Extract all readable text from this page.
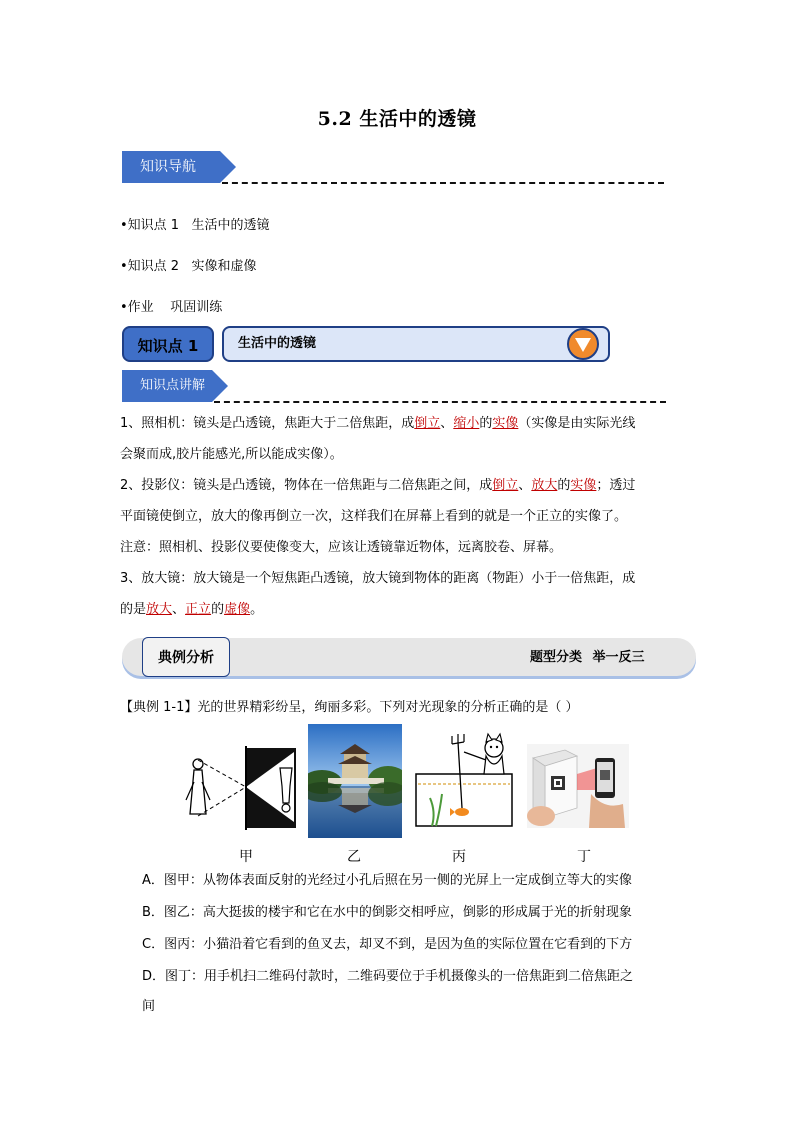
5.2 生活中的透镜
知识导航
•知识点 1 生活中的透镜
•知识点 2 实像和虚像
•作业 巩固训练
知识点 1	生活中的透镜
知识点讲解
1、照相机：镜头是凸透镜，焦距大于二倍焦距，成倒立、缩小的实像（实像是由实际光线
会聚而成,胶片能感光,所以能成实像）。
2、投影仪：镜头是凸透镜，物体在一倍焦距与二倍焦距之间，成倒立、放大的实像；透过
平面镜使倒立，放大的像再倒立一次，这样我们在屏幕上看到的就是一个正立的实像了。
注意：照相机、投影仪要使像变大，应该让透镜靠近物体，远离胶卷、屏幕。
3、放大镜：放大镜是一个短焦距凸透镜，放大镜到物体的距离（物距）小于一倍焦距，成
的是放大、正立的虚像。
典例分析	题型分类 举一反三
【典例 1-1】光的世界精彩纷呈，绚丽多彩。下列对光现象的分析正确的是（ ）
甲	乙	丙	丁
A．图甲：从物体表面反射的光经过小孔后照在另一侧的光屏上一定成倒立等大的实像
B．图乙：高大挺拔的楼宇和它在水中的倒影交相呼应，倒影的形成属于光的折射现象
C．图丙：小猫沿着它看到的鱼叉去，却叉不到，是因为鱼的实际位置在它看到的下方
D．图丁：用手机扫二维码付款时，二维码要位于手机摄像头的一倍焦距到二倍焦距之
间
